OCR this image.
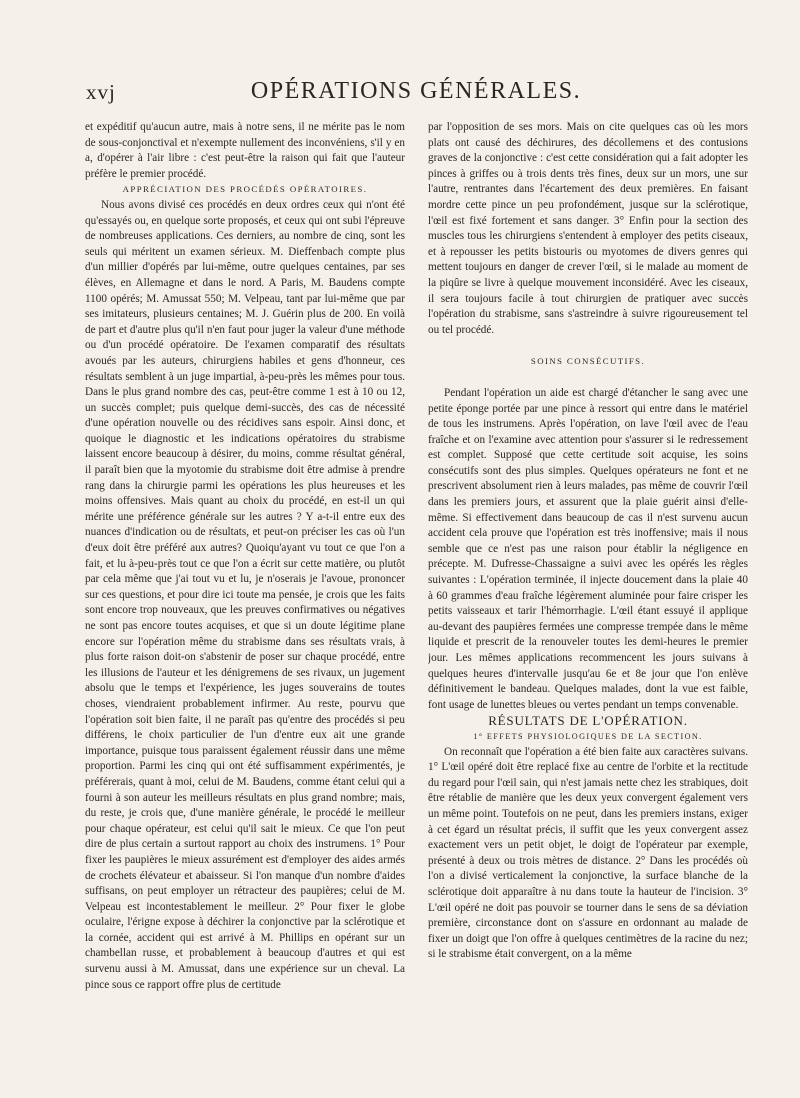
xvj	OPÉRATIONS GÉNÉRALES.

et expéditif qu'aucun autre, mais à notre sens, il ne mérite pas le nom de sous-conjonctival et n'exempte nullement des inconvéniens, s'il y en a, d'opérer à l'air libre : c'est peut-être la raison qui fait que l'auteur préfère le premier procédé.

APPRÉCIATION DES PROCÉDÉS OPÉRATOIRES.

Nous avons divisé ces procédés en deux ordres ceux qui n'ont été qu'essayés ou, en quelque sorte proposés, et ceux qui ont subi l'épreuve de nombreuses applications. Ces derniers, au nombre de cinq, sont les seuls qui méritent un examen sérieux. M. Dieffenbach compte plus d'un millier d'opérés par lui-même, outre quelques centaines, par ses élèves, en Allemagne et dans le nord. A Paris, M. Baudens compte 1100 opérés; M. Amussat 550; M. Velpeau, tant par lui-même que par ses imitateurs, plusieurs centaines; M. J. Guérin plus de 200. En voilà de part et d'autre plus qu'il n'en faut pour juger la valeur d'une méthode ou d'un procédé opératoire. De l'examen comparatif des résultats avoués par les auteurs, chirurgiens habiles et gens d'honneur, ces résultats semblent à un juge impartial, à-peu-près les mêmes pour tous. Dans le plus grand nombre des cas, peut-être comme 1 est à 10 ou 12, un succès complet; puis quelque demi-succès, des cas de nécessité d'une opération nouvelle ou des récidives sans espoir. Ainsi donc, et quoique le diagnostic et les indications opératoires du strabisme laissent encore beaucoup à désirer, du moins, comme résultat général, il paraît bien que la myotomie du strabisme doit être admise à prendre rang dans la chirurgie parmi les opérations les plus heureuses et les moins offensives. Mais quant au choix du procédé, en est-il un qui mérite une préférence générale sur les autres ? Y a-t-il entre eux des nuances d'indication ou de résultats, et peut-on préciser les cas où l'un d'eux doit être préféré aux autres? Quoiqu'ayant vu tout ce que l'on a fait, et lu à-peu-près tout ce que l'on a écrit sur cette matière, ou plutôt par cela même que j'ai tout vu et lu, je n'oserais je l'avoue, prononcer sur ces questions, et pour dire ici toute ma pensée, je crois que les faits sont encore trop nouveaux, que les preuves confirmatives ou négatives ne sont pas encore toutes acquises, et que si un doute légitime plane encore sur l'opération même du strabisme dans ses résultats vrais, à plus forte raison doit-on s'abstenir de poser sur chaque procédé, entre les illusions de l'auteur et les dénigremens de ses rivaux, un jugement absolu que le temps et l'expérience, les juges souverains de toutes choses, viendraient probablement infirmer. Au reste, pourvu que l'opération soit bien faite, il ne paraît pas qu'entre des procédés si peu différens, le choix particulier de l'un d'entre eux ait une grande importance, puisque tous paraissent également réussir dans une même proportion. Parmi les cinq qui ont été suffisamment expérimentés, je préférerais, quant à moi, celui de M. Baudens, comme étant celui qui a fourni à son auteur les meilleurs résultats en plus grand nombre; mais, du reste, je crois que, d'une manière générale, le procédé le meilleur pour chaque opérateur, est celui qu'il sait le mieux. Ce que l'on peut dire de plus certain a surtout rapport au choix des instrumens. 1° Pour fixer les paupières le mieux assurément est d'employer des aides armés de crochets élévateur et abaisseur. Si l'on manque d'un nombre d'aides suffisans, on peut employer un rétracteur des paupières; celui de M. Velpeau est incontestablement le meilleur. 2° Pour fixer le globe oculaire, l'érigne expose à déchirer la conjonctive par la sclérotique et la cornée, accident qui est arrivé à M. Phillips en opérant sur un chambellan russe, et probablement à beaucoup d'autres et qui est survenu aussi à M. Amussat, dans une expérience sur un cheval. La pince sous ce rapport offre plus de certitude

par l'opposition de ses mors. Mais on cite quelques cas où les mors plats ont causé des déchirures, des décollemens et des contusions graves de la conjonctive : c'est cette considération qui a fait adopter les pinces à griffes ou à trois dents très fines, deux sur un mors, une sur l'autre, rentrantes dans l'écartement des deux premières. En faisant mordre cette pince un peu profondément, jusque sur la sclérotique, l'œil est fixé fortement et sans danger. 3° Enfin pour la section des muscles tous les chirurgiens s'entendent à employer des petits ciseaux, et à repousser les petits bistouris ou myotomes de divers genres qui mettent toujours en danger de crever l'œil, si le malade au moment de la piqûre se livre à quelque mouvement inconsidéré. Avec les ciseaux, il sera toujours facile à tout chirurgien de pratiquer avec succès l'opération du strabisme, sans s'astreindre à suivre rigoureusement tel ou tel procédé.

SOINS CONSÉCUTIFS.

Pendant l'opération un aide est chargé d'étancher le sang avec une petite éponge portée par une pince à ressort qui entre dans le matériel de tous les instrumens. Après l'opération, on lave l'œil avec de l'eau fraîche et on l'examine avec attention pour s'assurer si le redressement est complet. Supposé que cette certitude soit acquise, les soins consécutifs sont des plus simples. Quelques opérateurs ne font et ne prescrivent absolument rien à leurs malades, pas même de couvrir l'œil dans les premiers jours, et assurent que la plaie guérit ainsi d'elle-même. Si effectivement dans beaucoup de cas il n'est survenu aucun accident cela prouve que l'opération est très inoffensive; mais il nous semble que ce n'est pas une raison pour établir la négligence en précepte. M. Dufresse-Chassaigne a suivi avec les opérés les règles suivantes : L'opération terminée, il injecte doucement dans la plaie 40 à 60 grammes d'eau fraîche légèrement aluminée pour faire crisper les petits vaisseaux et tarir l'hémorrhagie. L'œil étant essuyé il applique au-devant des paupières fermées une compresse trempée dans le même liquide et prescrit de la renouveler toutes les demi-heures le premier jour. Les mêmes applications recommencent les jours suivans à quelques heures d'intervalle jusqu'au 6e et 8e jour que l'on enlève définitivement le bandeau. Quelques malades, dont la vue est faible, font usage de lunettes bleues ou vertes pendant un temps convenable.

RÉSULTATS DE L'OPÉRATION.

1° EFFETS PHYSIOLOGIQUES DE LA SECTION.

On reconnaît que l'opération a été bien faite aux caractères suivans. 1° L'œil opéré doit être replacé fixe au centre de l'orbite et la rectitude du regard pour l'œil sain, qui n'est jamais nette chez les strabiques, doit être rétablie de manière que les deux yeux convergent également vers un même point. Toutefois on ne peut, dans les premiers instans, exiger à cet égard un résultat précis, il suffit que les yeux convergent assez exactement vers un petit objet, le doigt de l'opérateur par exemple, présenté à deux ou trois mètres de distance. 2° Dans les procédés où l'on a divisé verticalement la conjonctive, la surface blanche de la sclérotique doit apparaître à nu dans toute la hauteur de l'incision. 3° L'œil opéré ne doit pas pouvoir se tourner dans le sens de sa déviation première, circonstance dont on s'assure en ordonnant au malade de fixer un doigt que l'on offre à quelques centimètres de la racine du nez; si le strabisme était convergent, on a la même
